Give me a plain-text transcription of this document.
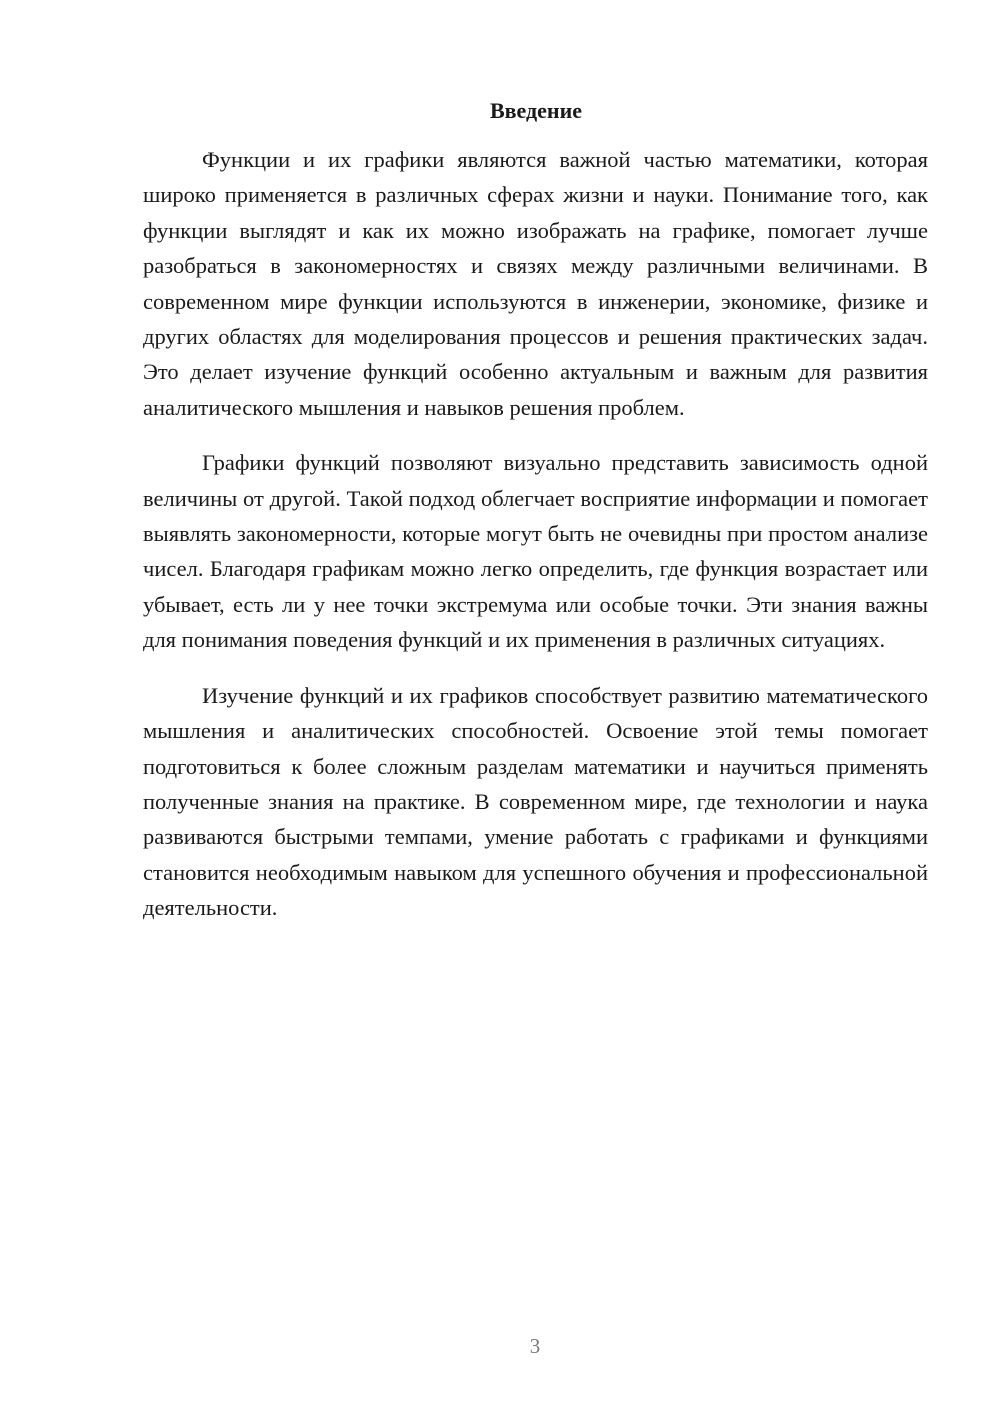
Введение

Функции и их графики являются важной частью математики, которая широко применяется в различных сферах жизни и науки. Понимание того, как функции выглядят и как их можно изображать на графике, помогает лучше разобраться в закономерностях и связях между различными величинами. В современном мире функции используются в инженерии, экономике, физике и других областях для моделирования процессов и решения практических задач. Это делает изучение функций особенно актуальным и важным для развития аналитического мышления и навыков решения проблем.

Графики функций позволяют визуально представить зависимость одной величины от другой. Такой подход облегчает восприятие информации и помогает выявлять закономерности, которые могут быть не очевидны при простом анализе чисел. Благодаря графикам можно легко определить, где функция возрастает или убывает, есть ли у нее точки экстремума или особые точки. Эти знания важны для понимания поведения функций и их применения в различных ситуациях.

Изучение функций и их графиков способствует развитию математического мышления и аналитических способностей. Освоение этой темы помогает подготовиться к более сложным разделам математики и научиться применять полученные знания на практике. В современном мире, где технологии и наука развиваются быстрыми темпами, умение работать с графиками и функциями становится необходимым навыком для успешного обучения и профессиональной деятельности.

3
